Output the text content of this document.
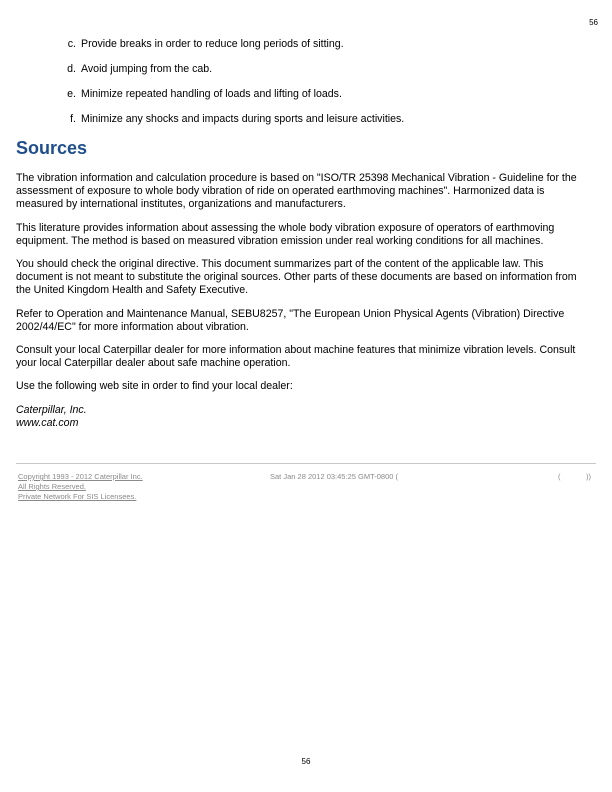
56
c. Provide breaks in order to reduce long periods of sitting.
d. Avoid jumping from the cab.
e. Minimize repeated handling of loads and lifting of loads.
f. Minimize any shocks and impacts during sports and leisure activities.
Sources

The vibration information and calculation procedure is based on "ISO/TR 25398 Mechanical Vibration - Guideline for the assessment of exposure to whole body vibration of ride on operated earthmoving machines". Harmonized data is measured by international institutes, organizations and manufacturers.

This literature provides information about assessing the whole body vibration exposure of operators of earthmoving equipment. The method is based on measured vibration emission under real working conditions for all machines.

You should check the original directive. This document summarizes part of the content of the applicable law. This document is not meant to substitute the original sources. Other parts of these documents are based on information from the United Kingdom Health and Safety Executive.

Refer to Operation and Maintenance Manual, SEBU8257, "The European Union Physical Agents (Vibration) Directive 2002/44/EC" for more information about vibration.

Consult your local Caterpillar dealer for more information about machine features that minimize vibration levels. Consult your local Caterpillar dealer about safe machine operation.

Use the following web site in order to find your local dealer:

Caterpillar, Inc.

www.cat.com

Copyright 1993 - 2012 Caterpillar Inc.
All Rights Reserved.
Private Network For SIS Licensees.
Sat Jan 28 2012 03:45:25 GMT-0800 (	(	))
56
